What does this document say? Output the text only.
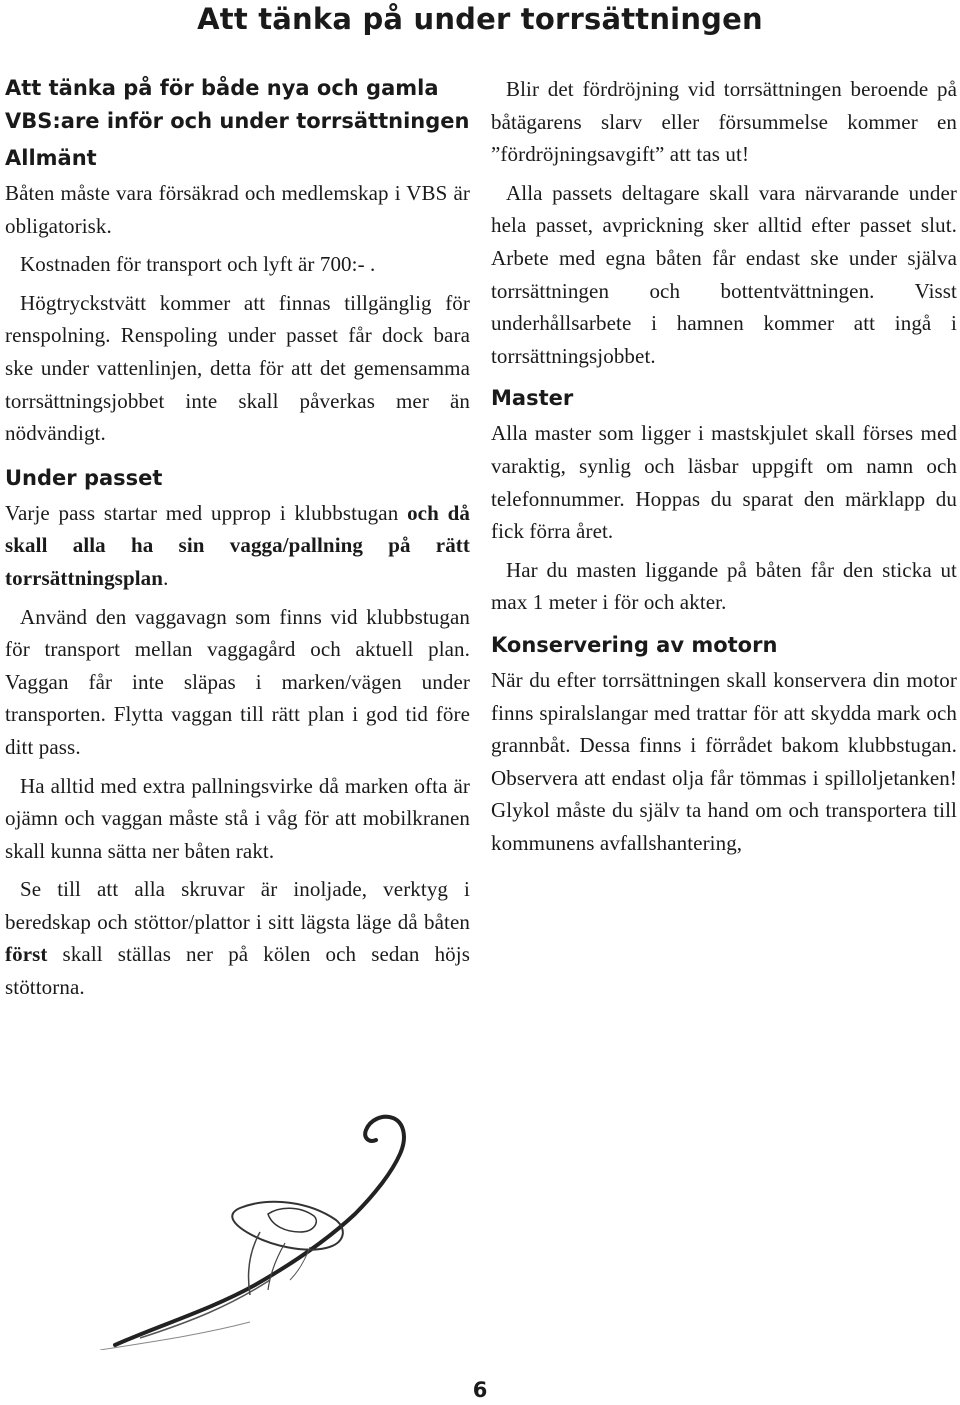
Att tänka på under torrsättningen
Att tänka på för både nya och gamla VBS:are inför och under torrsättningen
Allmänt

Båten måste vara försäkrad och medlemskap i VBS är obligatorisk.

Kostnaden för transport och lyft är 700:- .

Högtryckstvätt kommer att finnas tillgänglig för renspolning. Renspoling under passet får dock bara ske under vattenlinjen, detta för att det gemensamma torrsättningsjobbet inte skall påverkas mer än nödvändigt.

Under passet

Varje pass startar med upprop i klubbstugan och då skall alla ha sin vagga/pallning på rätt torrsättningsplan.

Använd den vaggavagn som finns vid klubbstugan för transport mellan vaggagård och aktuell plan. Vaggan får inte släpas i marken/vägen under transporten. Flytta vaggan till rätt plan i god tid före ditt pass.

Ha alltid med extra pallningsvirke då marken ofta är ojämn och vaggan måste stå i våg för att mobilkranen skall kunna sätta ner båten rakt.

Se till att alla skruvar är inoljade, verktyg i beredskap och stöttor/plattor i sitt lägsta läge då båten först skall ställas ner på kölen och sedan höjs stöttorna.

Blir det fördröjning vid torrsättningen beroende på båtägarens slarv eller försummelse kommer en ”fördröjningsavgift” att tas ut!

Alla passets deltagare skall vara närvarande under hela passet, avprickning sker alltid efter passet slut. Arbete med egna båten får endast ske under själva torrsättningen och bottentvättningen. Visst underhållsarbete i hamnen kommer att ingå i torrsättningsjobbet.

Master

Alla master som ligger i mastskjulet skall förses med varaktig, synlig och läsbar uppgift om namn och telefonnummer. Hoppas du sparat den märklapp du fick förra året.

Har du masten liggande på båten får den sticka ut max 1 meter i för och akter.

Konservering av motorn

När du efter torrsättningen skall konservera din motor finns spiralslangar med trattar för att skydda mark och grannbåt. Dessa finns i förrådet bakom klubbstugan. Observera att endast olja får tömmas i spilloljetanken! Glykol måste du själv ta hand om och transportera till kommunens avfallshantering,

6
